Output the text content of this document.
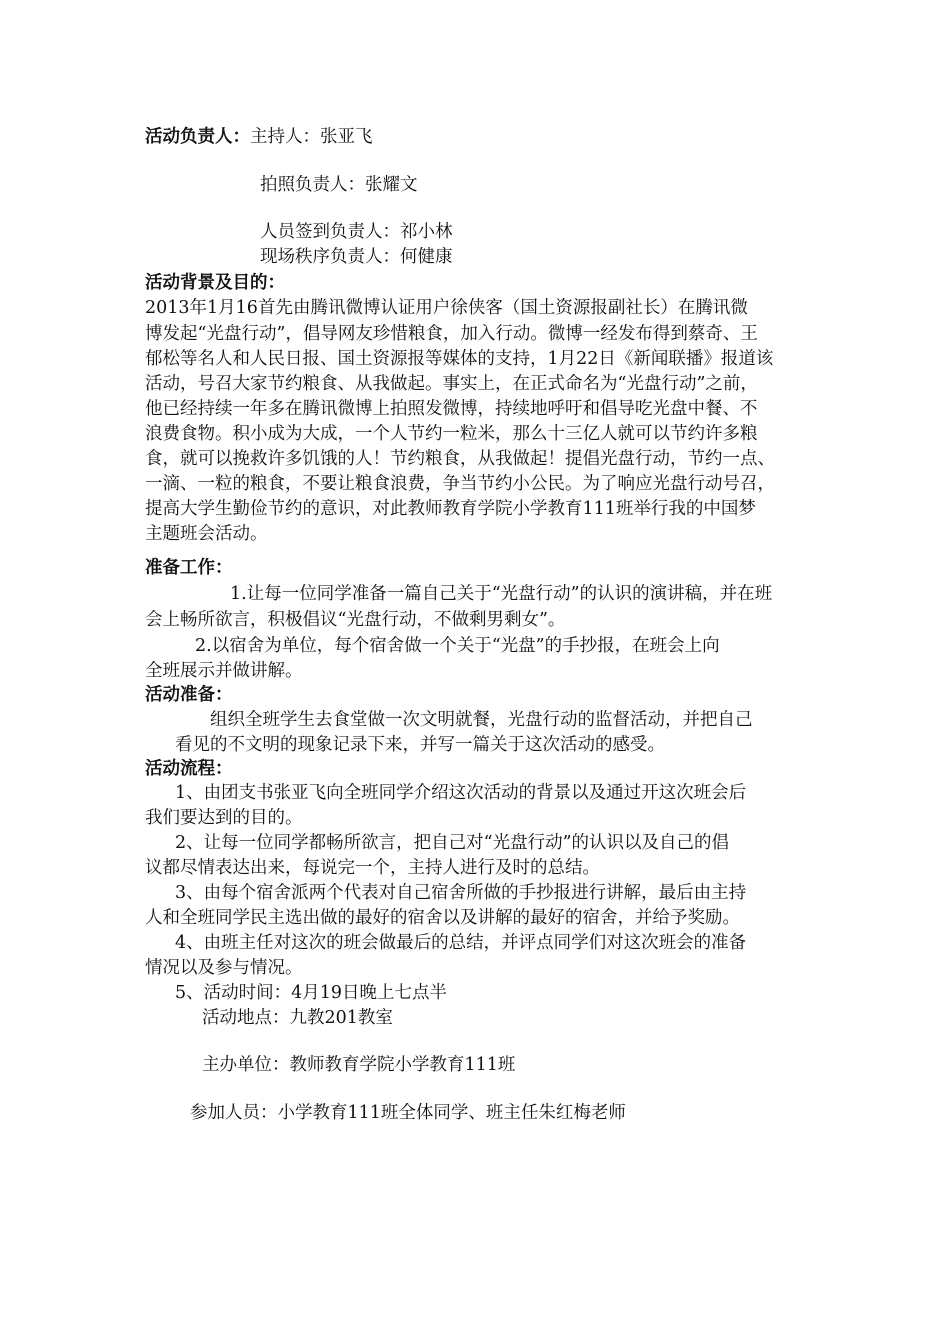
活动负责人：主持人：张亚飞

拍照负责人：张耀文

人员签到负责人：祁小林

现场秩序负责人：何健康

活动背景及目的：

2013年1月16首先由腾讯微博认证用户徐侠客（国土资源报副社长）在腾讯微

博发起“光盘行动”，倡导网友珍惜粮食，加入行动。微博一经发布得到蔡奇、王

郁松等名人和人民日报、国土资源报等媒体的支持，1月22日《新闻联播》报道该

活动，号召大家节约粮食、从我做起。事实上，在正式命名为“光盘行动”之前，

他已经持续一年多在腾讯微博上拍照发微博，持续地呼吁和倡导吃光盘中餐、不

浪费食物。积小成为大成，一个人节约一粒米，那么十三亿人就可以节约许多粮

食，就可以挽救许多饥饿的人！节约粮食，从我做起！提倡光盘行动，节约一点、

一滴、一粒的粮食，不要让粮食浪费，争当节约小公民。为了响应光盘行动号召，

提高大学生勤俭节约的意识，对此教师教育学院小学教育111班举行我的中国梦

主题班会活动。

准备工作：

1.让每一位同学准备一篇自己关于“光盘行动”的认识的演讲稿，并在班

会上畅所欲言，积极倡议“光盘行动，不做剩男剩女”。

2.以宿舍为单位，每个宿舍做一个关于“光盘”的手抄报，在班会上向

全班展示并做讲解。

活动准备：

组织全班学生去食堂做一次文明就餐，光盘行动的监督活动，并把自己

看见的不文明的现象记录下来，并写一篇关于这次活动的感受。

活动流程：

1、由团支书张亚飞向全班同学介绍这次活动的背景以及通过开这次班会后

我们要达到的目的。

2、让每一位同学都畅所欲言，把自己对“光盘行动”的认识以及自己的倡

议都尽情表达出来，每说完一个，主持人进行及时的总结。

3、由每个宿舍派两个代表对自己宿舍所做的手抄报进行讲解，最后由主持

人和全班同学民主选出做的最好的宿舍以及讲解的最好的宿舍，并给予奖励。

4、由班主任对这次的班会做最后的总结，并评点同学们对这次班会的准备

情况以及参与情况。

5、活动时间：4月19日晚上七点半

活动地点：九教201教室

主办单位：教师教育学院小学教育111班

参加人员：小学教育111班全体同学、班主任朱红梅老师
